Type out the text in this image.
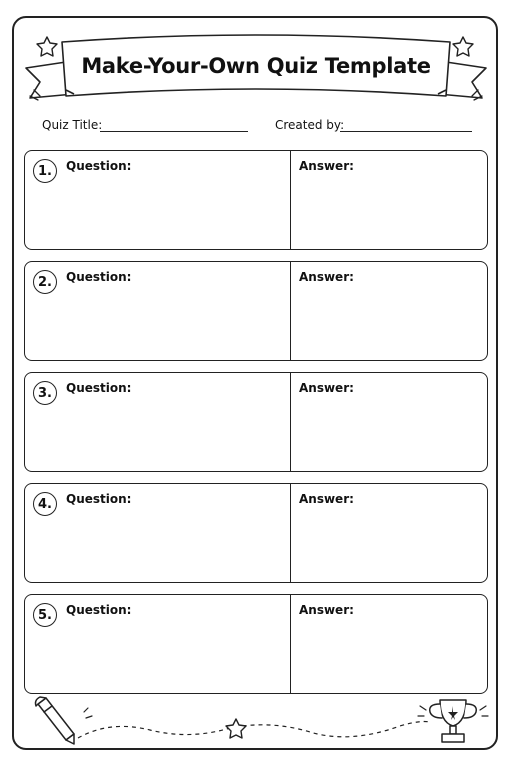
Make-Your-Own Quiz Template
Quiz Title:	Created by:
1.	Question:	Answer:
2.	Question:	Answer:
3.	Question:	Answer:
4.	Question:	Answer:
5.	Question:	Answer:
